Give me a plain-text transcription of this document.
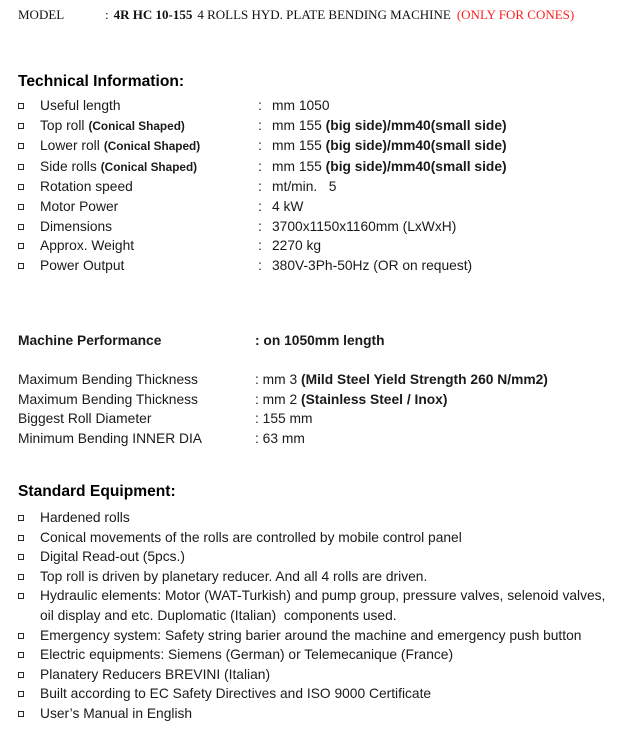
MODEL	: 4R HC 10-155 4 ROLLS HYD. PLATE BENDING MACHINE (ONLY FOR CONES)
Technical Information:
Useful length	: mm 1050
Top roll (Conical Shaped)	: mm 155 (big side)/mm40(small side)
Lower roll (Conical Shaped)	: mm 155 (big side)/mm40(small side)
Side rolls (Conical Shaped)	: mm 155 (big side)/mm40(small side)
Rotation speed	: mt/min.   5
Motor Power	: 4 kW
Dimensions	: 3700x1150x1160mm (LxWxH)
Approx. Weight	: 2270 kg
Power Output	: 380V-3Ph-50Hz (OR on request)
Machine Performance	: on 1050mm length
Maximum Bending Thickness	: mm 3 (Mild Steel Yield Strength 260 N/mm2)
Maximum Bending Thickness	: mm 2 (Stainless Steel / Inox)
Biggest Roll Diameter	: 155 mm
Minimum Bending INNER DIA	: 63 mm
Standard Equipment:
Hardened rolls
Conical movements of the rolls are controlled by mobile control panel
Digital Read-out (5pcs.)
Top roll is driven by planetary reducer. And all 4 rolls are driven.
Hydraulic elements: Motor (WAT-Turkish) and pump group, pressure valves, selenoid valves, oil display and etc. Duplomatic (Italian)  components used.
Emergency system: Safety string barier around the machine and emergency push button
Electric equipments: Siemens (German) or Telemecanique (France)
Planatery Reducers BREVINI (Italian)
Built according to EC Safety Directives and ISO 9000 Certificate
User’s Manual in English
